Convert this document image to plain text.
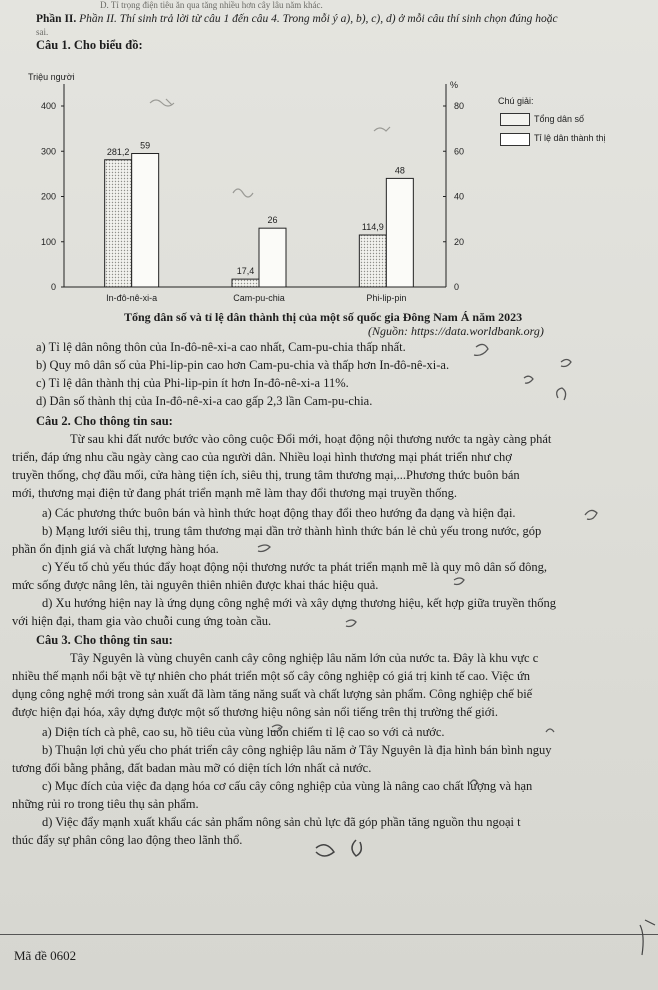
D. Tỉ trọng điện tiêu ăn qua tăng nhiều hơn cây lâu năm khác.
Phần II. Phần II. Thí sinh trả lời từ câu 1 đến câu 4. Trong mỗi ý a), b), c), d) ở mỗi câu thí sinh chọn đúng hoặc
sai.
Câu 1. Cho biểu đồ:
Triệu người
%
400
300
200
100
0
80
60
40
20
0
281,2
59
In-đô-nê-xi-a
17,4
26
Cam-pu-chia
114,9
48
Phi-lip-pin
Chú giải:
Tổng dân số
Tỉ lệ dân thành thị
Tổng dân số và tỉ lệ dân thành thị của một số quốc gia Đông Nam Á năm 2023
(Nguồn: https://data.worldbank.org)
a) Tỉ lệ dân nông thôn của In-đô-nê-xi-a cao nhất, Cam-pu-chia thấp nhất.
b) Quy mô dân số của Phi-lip-pin cao hơn Cam-pu-chia và thấp hơn In-đô-nê-xi-a.
c) Tỉ lệ dân thành thị của Phi-lip-pin ít hơn In-đô-nê-xi-a 11%.
d) Dân số thành thị của In-đô-nê-xi-a cao gấp 2,3 lần Cam-pu-chia.
Câu 2. Cho thông tin sau:
Từ sau khi đất nước bước vào công cuộc Đổi mới, hoạt động nội thương nước ta ngày càng phát
triển, đáp ứng nhu cầu ngày càng cao của người dân. Nhiều loại hình thương mại phát triển như chợ
truyền thống, chợ đầu mối, cửa hàng tiện ích, siêu thị, trung tâm thương mại,...Phương thức buôn bán
mới, thương mại điện tử đang phát triển mạnh mẽ làm thay đổi thương mại truyền thống.
a) Các phương thức buôn bán và hình thức hoạt động thay đổi theo hướng đa dạng và hiện đại.
b) Mạng lưới siêu thị, trung tâm thương mại dần trở thành hình thức bán lẻ chủ yếu trong nước, góp
phần ổn định giá và chất lượng hàng hóa.
c) Yếu tố chủ yếu thúc đẩy hoạt động nội thương nước ta phát triển mạnh mẽ là quy mô dân số đông,
mức sống được nâng lên, tài nguyên thiên nhiên được khai thác hiệu quả.
d) Xu hướng hiện nay là ứng dụng công nghệ mới và xây dựng thương hiệu, kết hợp giữa truyền thống
với hiện đại, tham gia vào chuỗi cung ứng toàn cầu.
Câu 3. Cho thông tin sau:
Tây Nguyên là vùng chuyên canh cây công nghiệp lâu năm lớn của nước ta. Đây là khu vực c
nhiều thế mạnh nổi bật về tự nhiên cho phát triển một số cây công nghiệp có giá trị kinh tế cao. Việc ứn
dụng công nghệ mới trong sản xuất đã làm tăng năng suất và chất lượng sản phẩm. Công nghiệp chế biế
được hiện đại hóa, xây dựng được một số thương hiệu nông sản nổi tiếng trên thị trường thế giới.
a) Diện tích cà phê, cao su, hồ tiêu của vùng luôn chiếm tỉ lệ cao so với cả nước.
b) Thuận lợi chủ yếu cho phát triển cây công nghiệp lâu năm ở Tây Nguyên là địa hình bán bình nguy
tương đối bằng phẳng, đất badan màu mỡ có diện tích lớn nhất cả nước.
c) Mục đích của việc đa dạng hóa cơ cấu cây công nghiệp của vùng là nâng cao chất lượng và hạn
những rủi ro trong tiêu thụ sản phẩm.
d) Việc đẩy mạnh xuất khẩu các sản phẩm nông sản chủ lực đã góp phần tăng nguồn thu ngoại t
thúc đẩy sự phân công lao động theo lãnh thổ.
Mã đề 0602
